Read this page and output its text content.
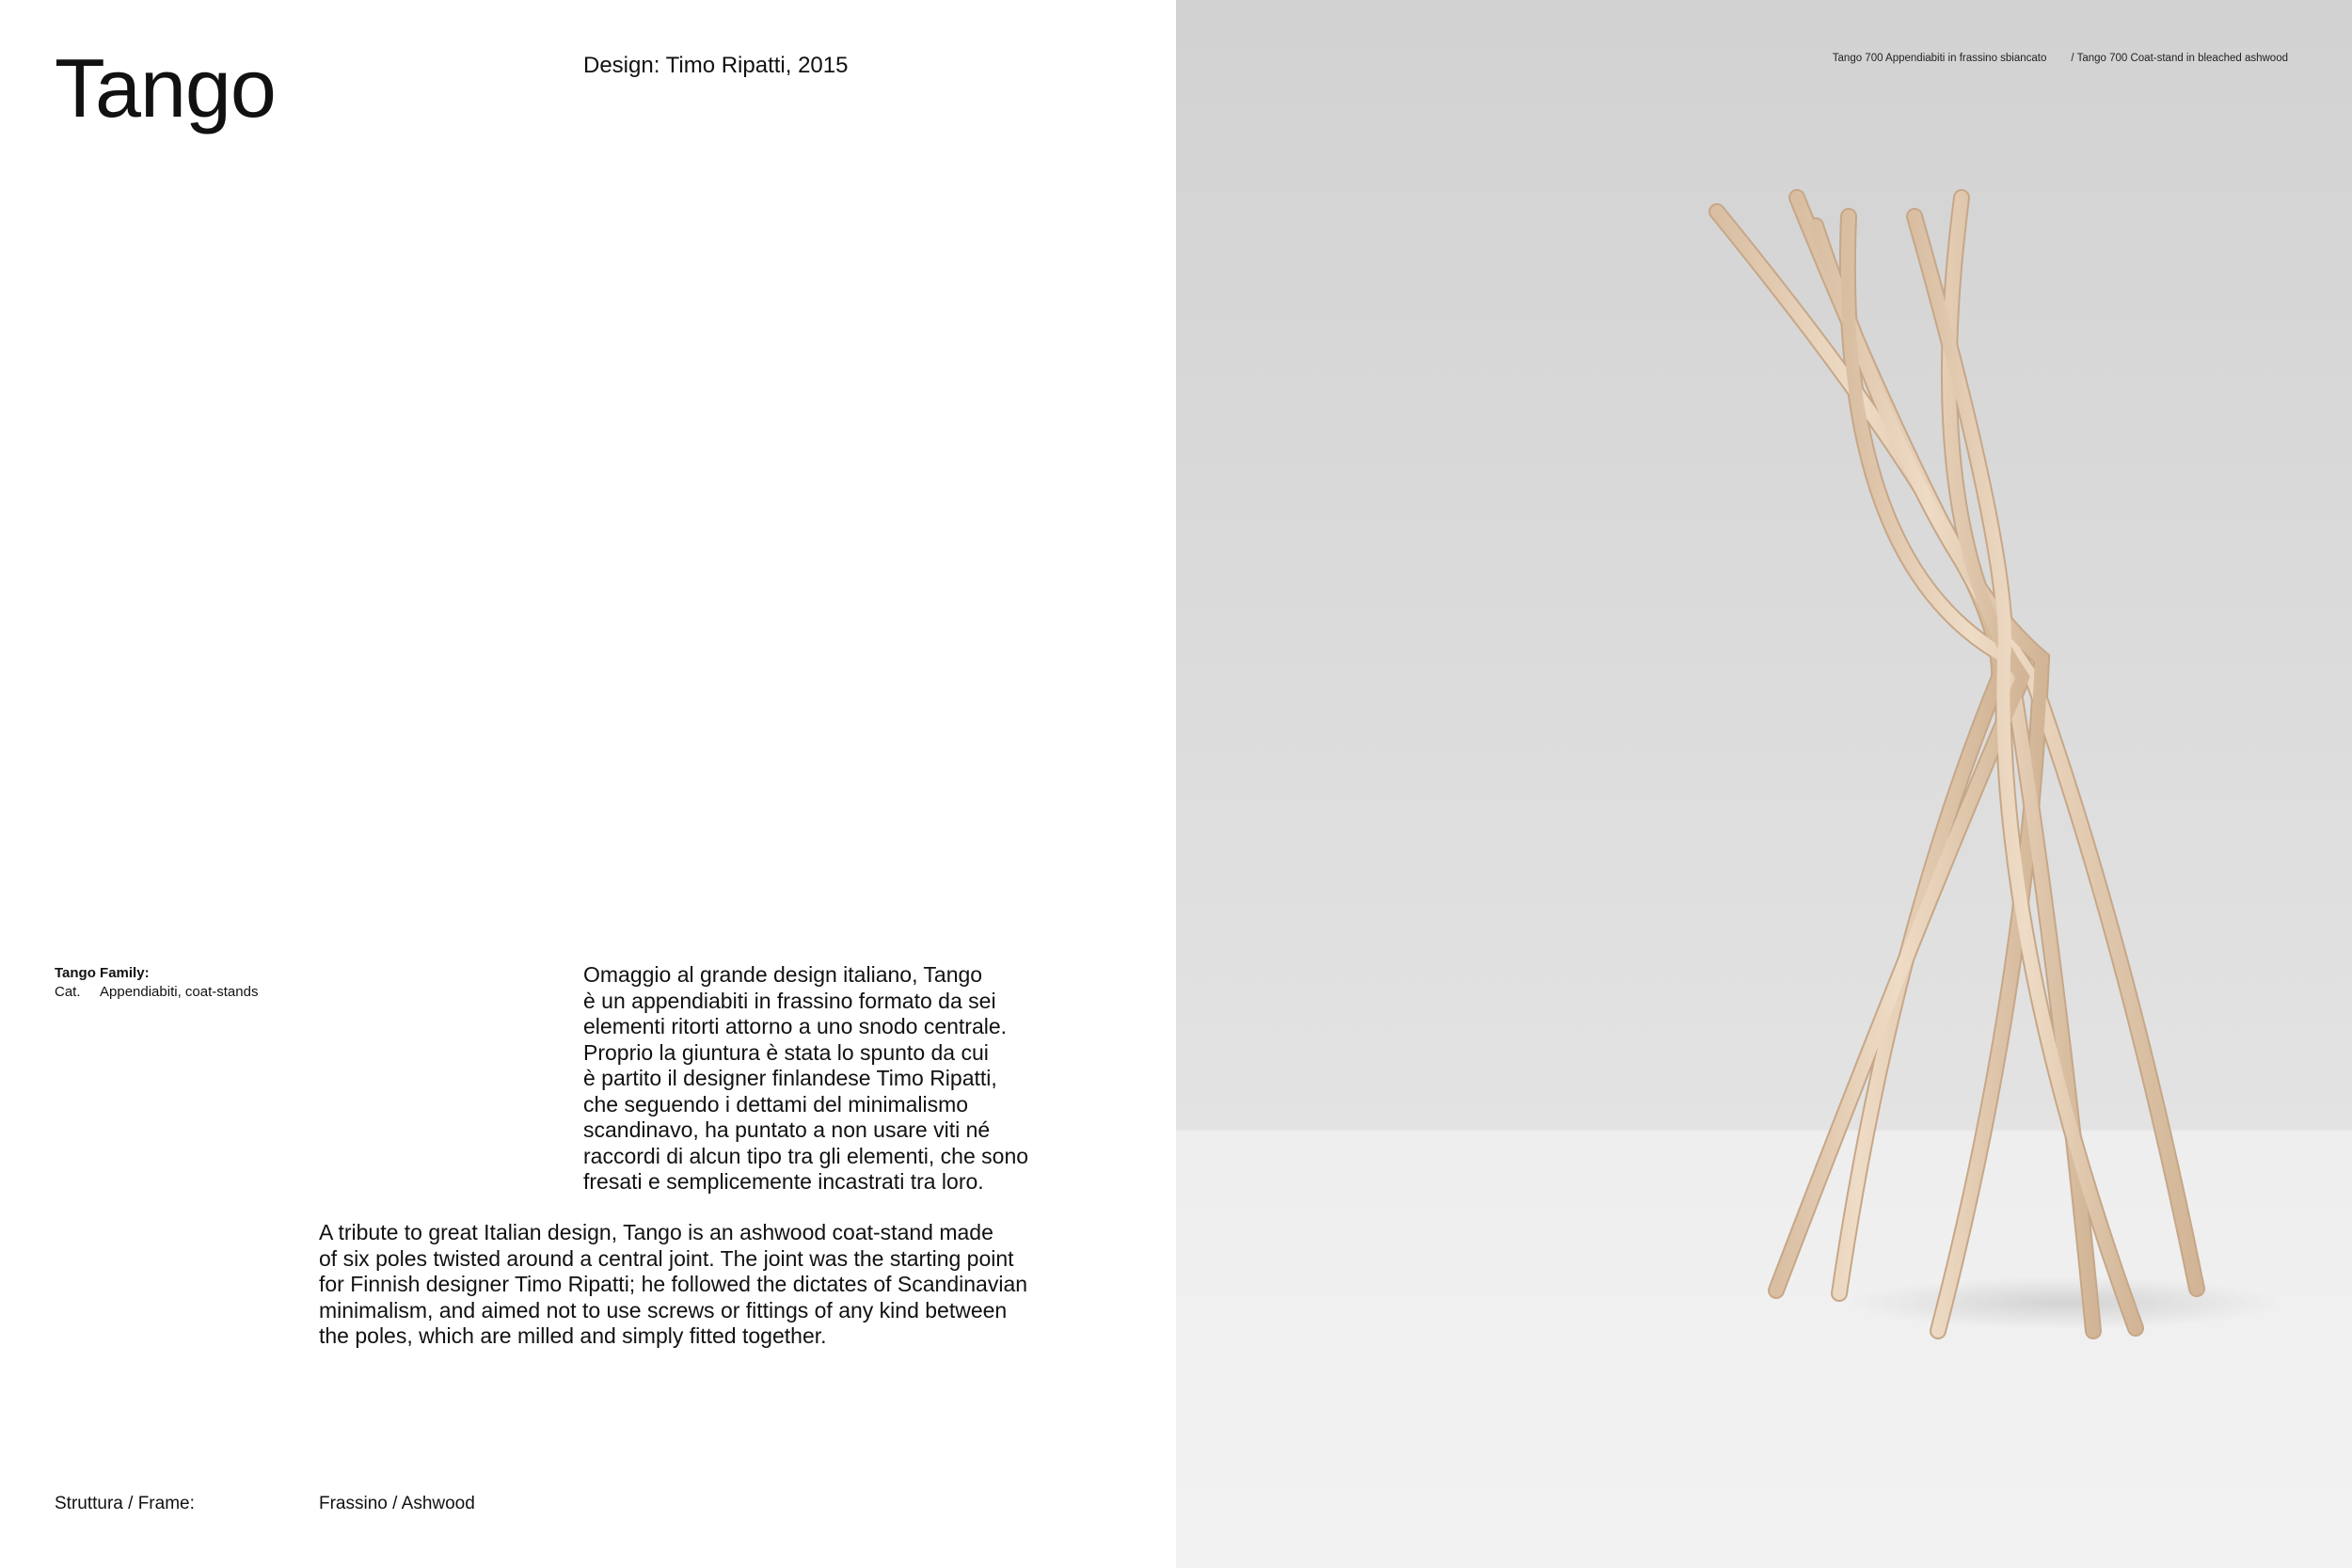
Tango	Design: Timo Ripatti, 2015
Tango Family:
Cat. Appendiabiti, coat-stands
Omaggio al grande design italiano, Tango
è un appendiabiti in frassino formato da sei
elementi ritorti attorno a uno snodo centrale.
Proprio la giuntura è stata lo spunto da cui
è partito il designer finlandese Timo Ripatti,
che seguendo i dettami del minimalismo
scandinavo, ha puntato a non usare viti né
raccordi di alcun tipo tra gli elementi, che sono
fresati e semplicemente incastrati tra loro.
A tribute to great Italian design, Tango is an ashwood coat-stand made
of six poles twisted around a central joint. The joint was the starting point
for Finnish designer Timo Ripatti; he followed the dictates of Scandinavian
minimalism, and aimed not to use screws or fittings of any kind between
the poles, which are milled and simply fitted together.
Struttura / Frame:	Frassino / Ashwood
Tango 700 Appendiabiti in frassino sbiancato / Tango 700 Coat-stand in bleached ashwood
